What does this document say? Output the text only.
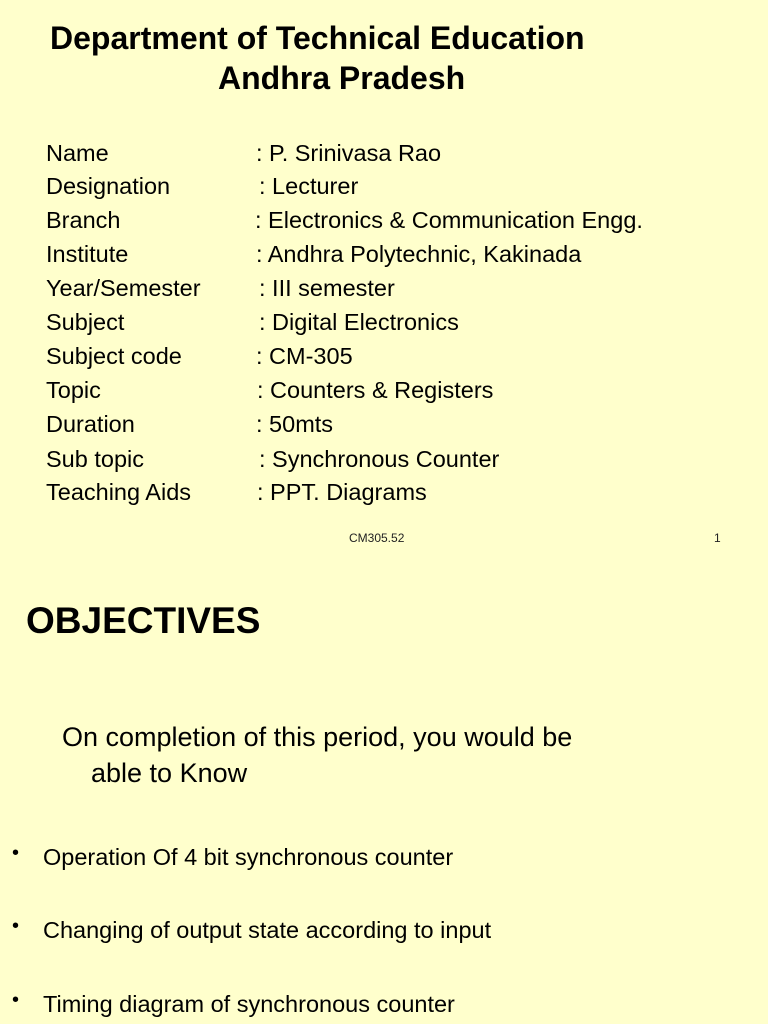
Department of Technical Education
Andhra Pradesh
Name	: P. Srinivasa Rao
Designation	: Lecturer
Branch	: Electronics & Communication Engg.
Institute	: Andhra Polytechnic, Kakinada
Year/Semester : III semester
Subject	: Digital Electronics
Subject code	: CM-305
Topic	: Counters & Registers
Duration	: 50mts
Sub topic	: Synchronous Counter
Teaching Aids	: PPT. Diagrams
CM305.52	1
OBJECTIVES
On completion of this period, you would be
able to Know
• Operation Of 4 bit synchronous counter
• Changing of output state according to input
• Timing diagram of synchronous counter
